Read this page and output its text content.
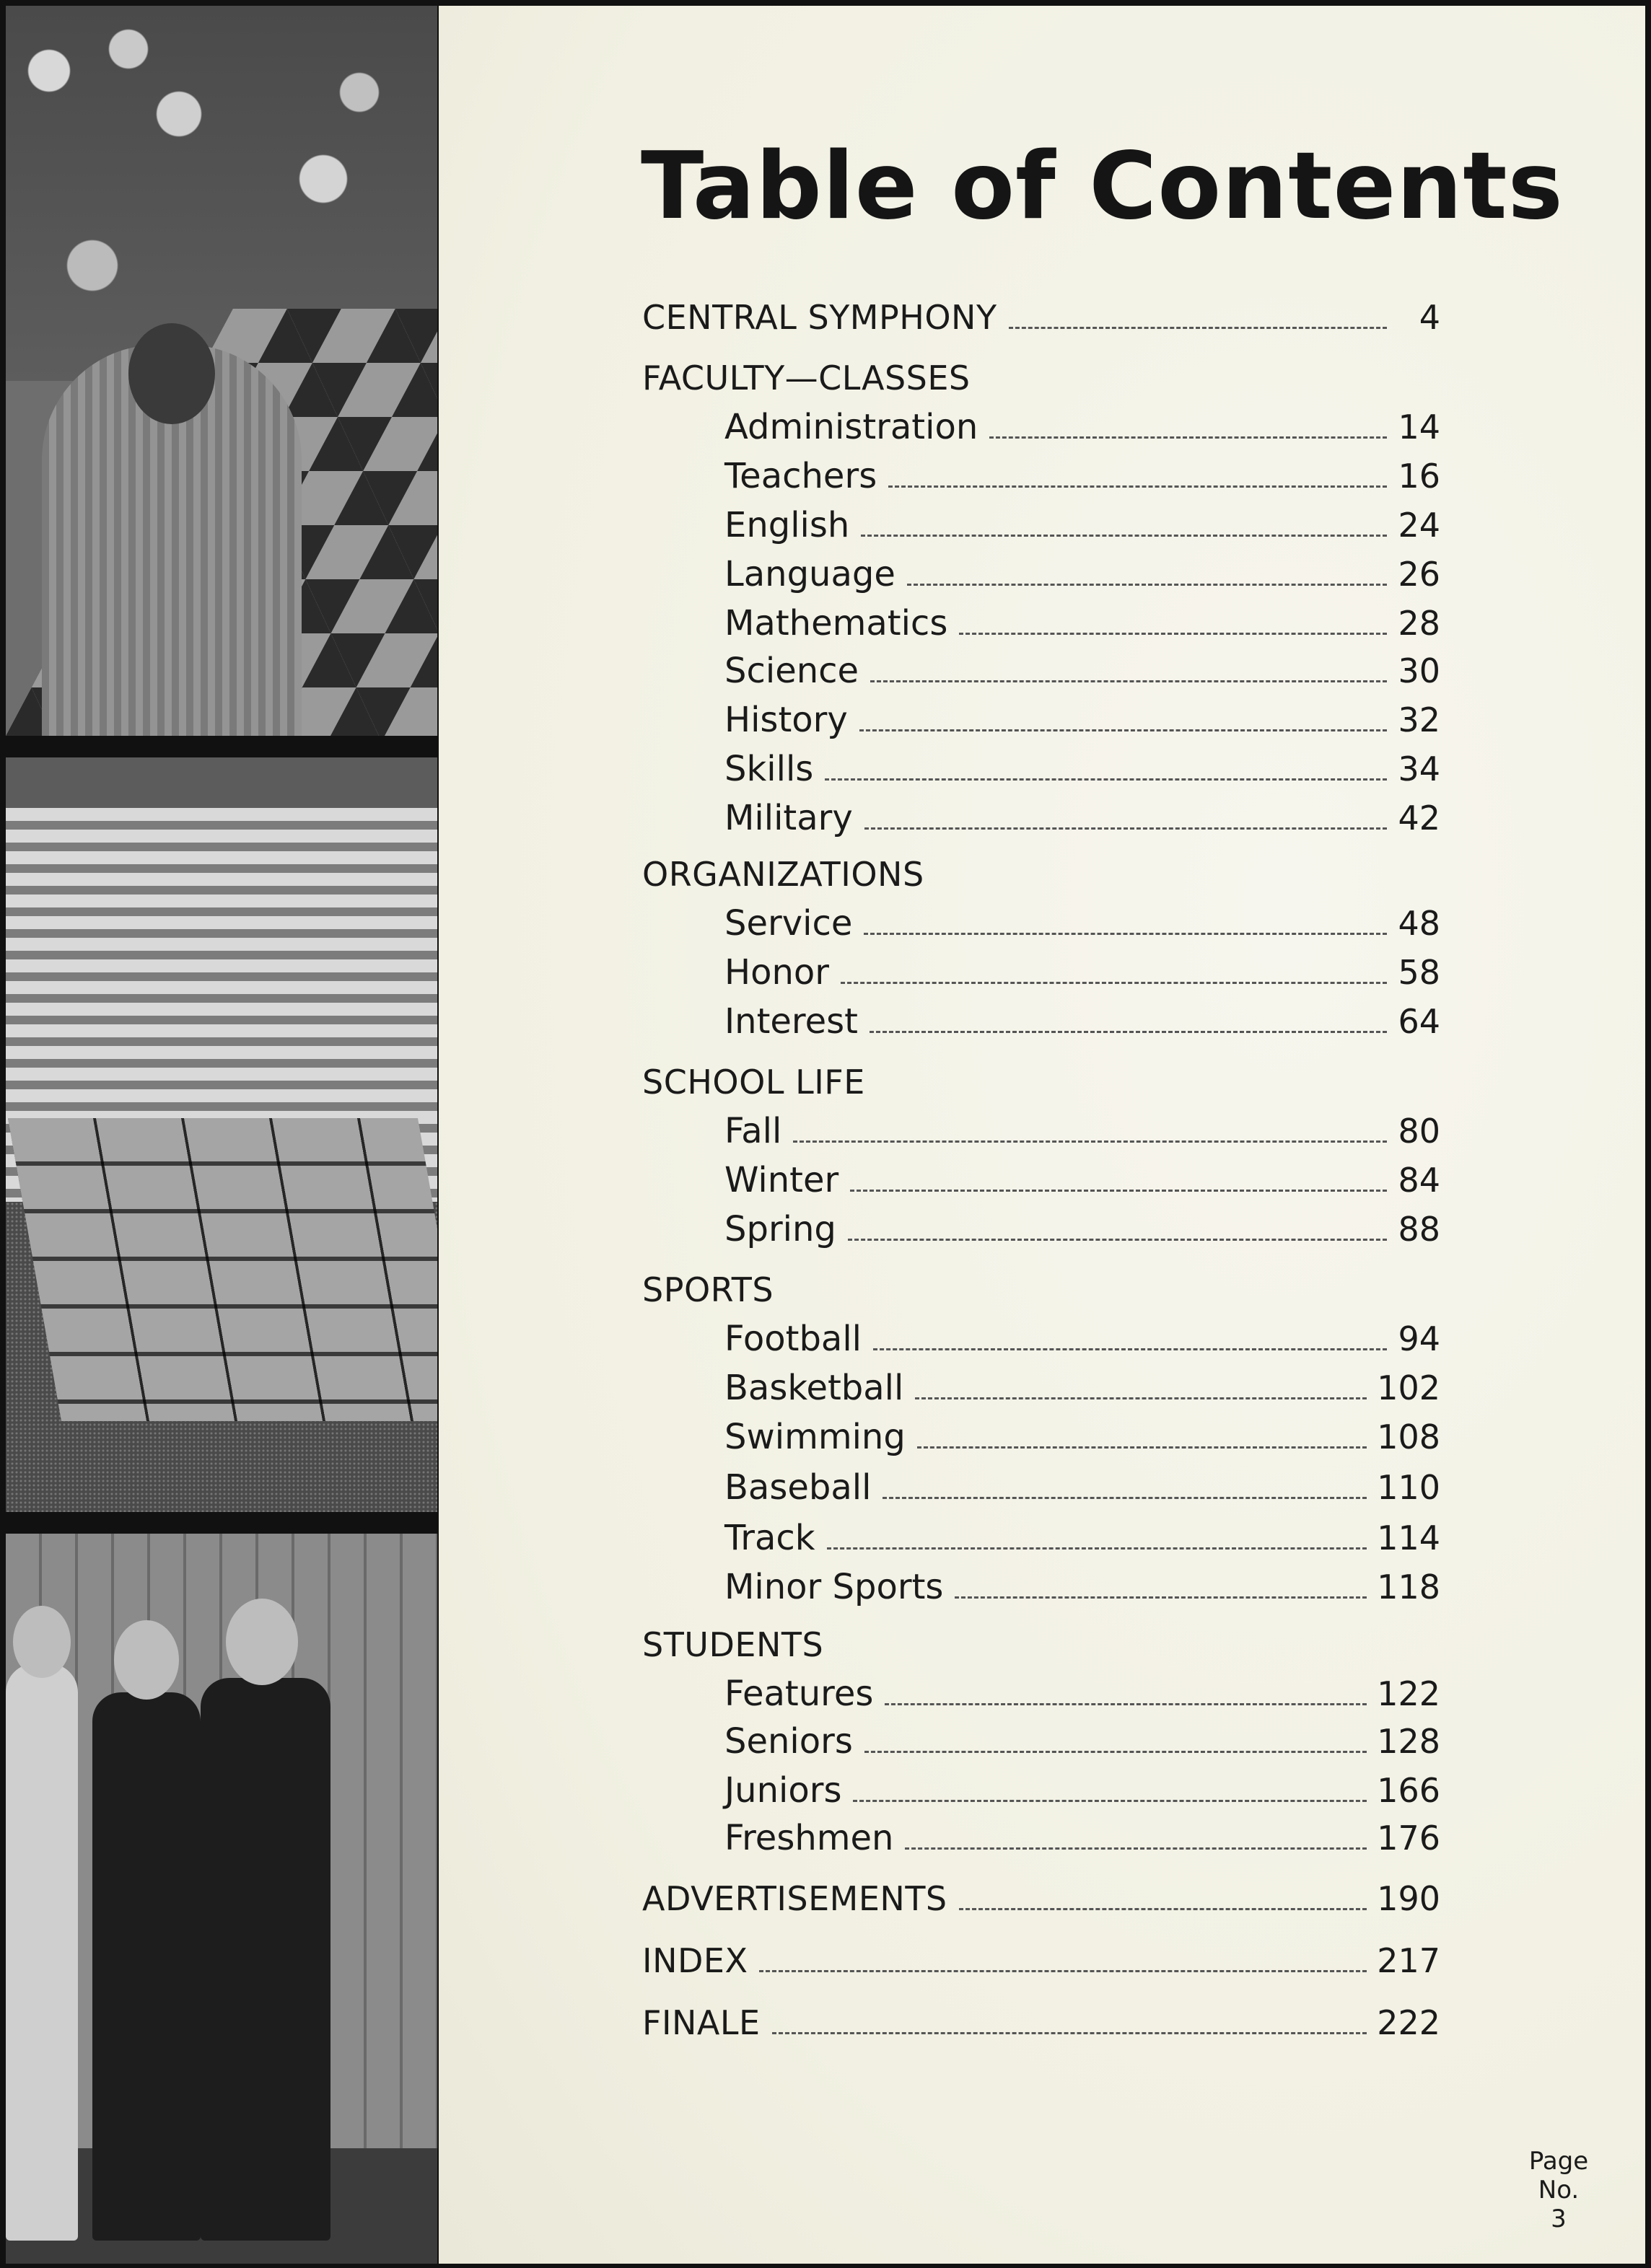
Table of Contents
CENTRAL SYMPHONY	4
FACULTY—CLASSES
Administration	14
Teachers	16
English	24
Language	26
Mathematics	28
Science	30
History	32
Skills	34
Military	42
ORGANIZATIONS
Service	48
Honor	58
Interest	64
SCHOOL LIFE
Fall	80
Winter	84
Spring	88
SPORTS
Football	94
Basketball	102
Swimming	108
Baseball	110
Track	114
Minor Sports	118
STUDENTS
Features	122
Seniors	128
Juniors	166
Freshmen	176
ADVERTISEMENTS	190
INDEX	217
FINALE	222
Page
No.
3
